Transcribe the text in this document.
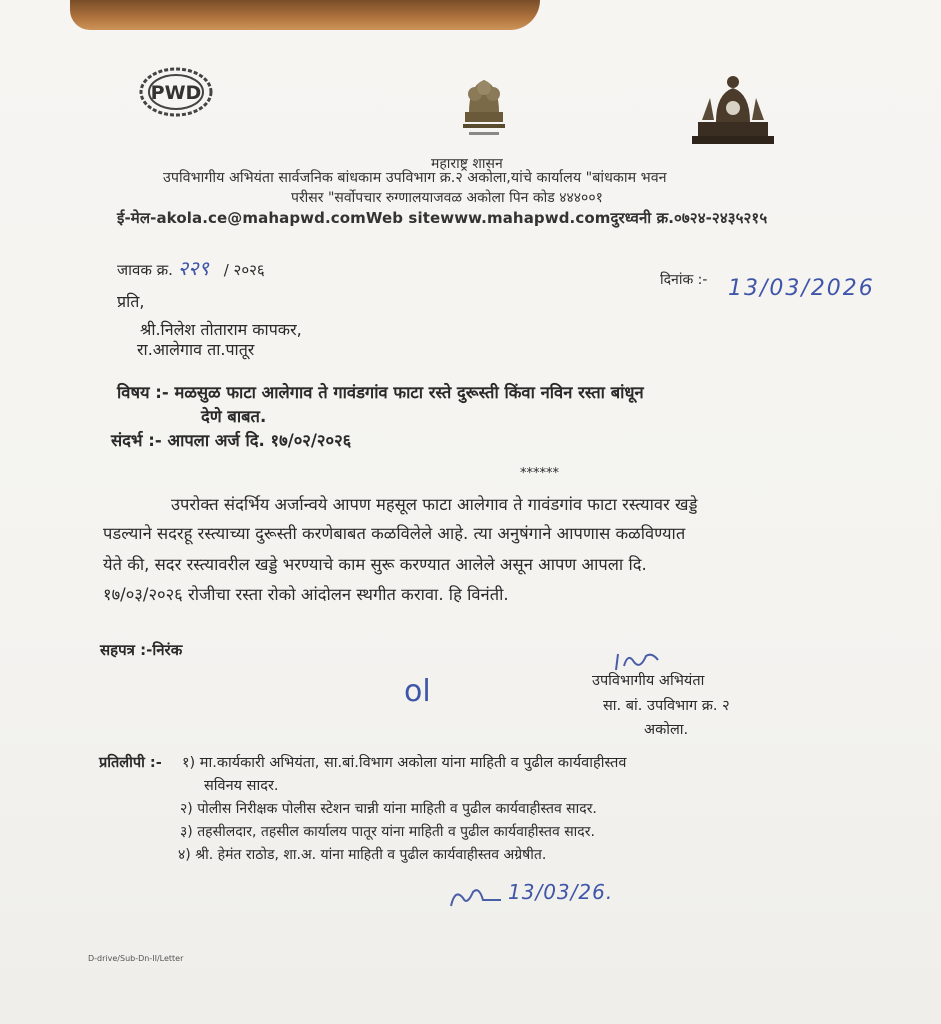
PWD
महाराष्ट्र शासन
उपविभागीय अभियंता सार्वजनिक बांधकाम उपविभाग क्र.२ अकोला,यांचे कार्यालय "बांधकाम भवन
परीसर "सर्वोपचार रुग्णालयाजवळ अकोला पिन कोड ४४४००१
ई-मेल-akola.ce@mahapwd.comWeb sitewww.mahapwd.comदुरध्वनी क्र.०७२४-२४३५२१५
जावक क्र. २२९ / २०२६
दिनांक :- 13/03/2026
प्रति,
श्री.निलेश तोताराम कापकर,
रा.आलेगाव ता.पातूर
विषय :- मळसुळ फाटा आलेगाव ते गावंडगांव फाटा रस्ते दुरूस्ती किंवा नविन रस्ता बांधून
देणे बाबत.
संदर्भ :- आपला अर्ज दि. १७/०२/२०२६
******
उपरोक्त संदर्भिय अर्जान्वये आपण महसूल फाटा आलेगाव ते गावंडगांव फाटा रस्त्यावर खड्डे
पडल्याने सदरहू रस्त्याच्या दुरूस्ती करणेबाबत कळविलेले आहे. त्या अनुषंगाने आपणास कळविण्यात
येते की, सदर रस्त्यावरील खड्डे भरण्याचे काम सुरू करण्यात आलेले असून आपण आपला दि.
१७/०३/२०२६ रोजीचा रस्ता रोको आंदोलन स्थगीत करावा. हि विनंती.
सहपत्र :-निरंक
ol	उपविभागीय अभियंता
सा. बां. उपविभाग क्र. २
अकोला.
प्रतिलीपी :- १) मा.कार्यकारी अभियंता, सा.बां.विभाग अकोला यांना माहिती व पुढील कार्यवाहीस्तव
सविनय सादर.
२) पोलीस निरीक्षक पोलीस स्टेशन चान्नी यांना माहिती व पुढील कार्यवाहीस्तव सादर.
३) तहसीलदार, तहसील कार्यालय पातूर यांना माहिती व पुढील कार्यवाहीस्तव सादर.
४) श्री. हेमंत राठोड, शा.अ. यांना माहिती व पुढील कार्यवाहीस्तव अग्रेषीत.
13/03/26.
D-drive/Sub-Dn-II/Letter
